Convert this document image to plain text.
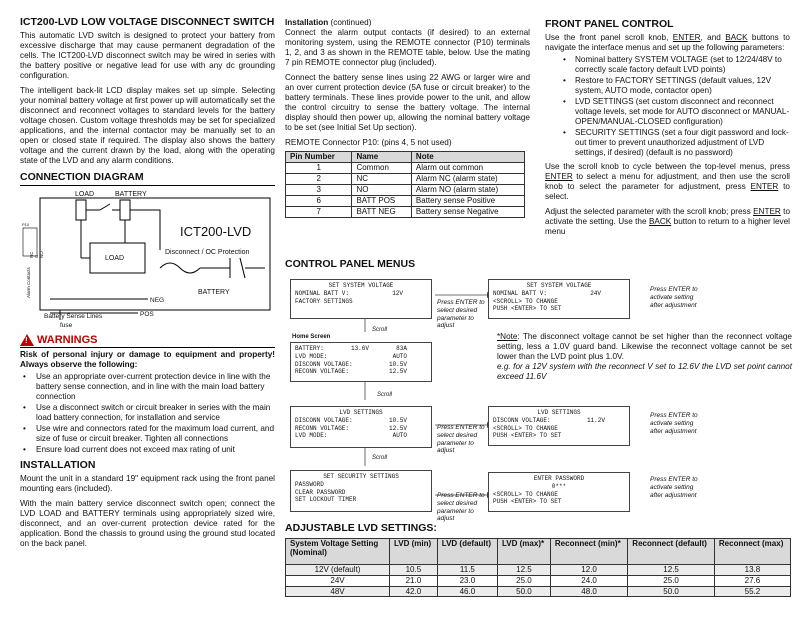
ICT200-LVD LOW VOLTAGE DISCONNECT SWITCH

This automatic LVD switch is designed to protect your battery from excessive discharge that may cause permanent degradation of the cells. The ICT200-LVD disconnect switch may be wired in series with the battery positive or negative lead for use with any dc grounding configuration.

The intelligent back-lit LCD display makes set up simple. Selecting your nominal battery voltage at first power up will automatically set the disconnect and reconnect voltages to standard levels for the battery voltage chosen. Custom voltage thresholds may be set for specialized applications, and the internal contactor may be manually set to an open or closed state if required. The display also shows the battery voltage and the current drawn by the load, along with the operating state of the LVD and any alarm conditions.

CONNECTION DIAGRAM
LOAD	BATTERY
ICT200-LVD
LOAD
P10
Alarm Contacts
NC C NO	Disconnect / OC Protection
BATTERY
Battery Sense Lines
NEG
POS
fuse
! WARNINGS

Risk of personal injury or damage to equipment and property! Always observe the following:

• Use an appropriate over-current protection device in line with the battery sense connection, and in line with the main load battery connection
• Use a disconnect switch or circuit breaker in series with the main load battery connection, for installation and service
• Use wire and connectors rated for the maximum load current, and size of fuse or circuit breaker. Tighten all connections
• Ensure load current does not exceed max rating of unit
INSTALLATION

Mount the unit in a standard 19" equipment rack using the front panel mounting ears (included).

With the main battery service disconnect switch open; connect the LVD LOAD and BATTERY terminals using appropriately sized wire, disconnect, and an over-current protection device rated for the application. Bond the chassis to ground using the ground stud located on the back panel.

Installation (continued)

Connect the alarm output contacts (if desired) to an external monitoring system, using the REMOTE connector (P10) terminals 1, 2, and 3 as shown in the REMOTE table, below. Use the mating 7 pin REMOTE connector plug (included).

Connect the battery sense lines using 22 AWG or larger wire and an over current protection device (5A fuse or circuit breaker) to the battery terminals. These lines provide power to the unit, and allow the control circuitry to sense the battery voltage. The internal display should then power up, allowing the nominal battery voltage to be set (see Initial Set Up section).

REMOTE Connector P10: (pins 4, 5 not used)

Pin Number	Name	Note
1	Common	Alarm out common
2	NC	Alarm NC (alarm state)
3	NO	Alarm NO (alarm state)
6	BATT POS	Battery sense Positive
7	BATT NEG	Battery sense Negative
FRONT PANEL CONTROL

Use the front panel scroll knob, ENTER, and BACK buttons to navigate the interface menus and set up the following parameters:

• Nominal battery SYSTEM VOLTAGE (set to 12/24/48V to correctly scale factory default LVD points)
• Restore to FACTORY SETTINGS (default values, 12V system, AUTO mode, contactor open)
• LVD SETTINGS (set custom disconnect and reconnect voltage levels, set mode for AUTO disconnect or MANUAL-OPEN/MANUAL-CLOSED configuration)
• SECURITY SETTINGS (set a four digit password and lock-out timer to prevent unauthorized adjustment of LVD settings, if desired) (default is no password)

Use the scroll knob to cycle between the top-level menus, press ENTER to select a menu for adjustment, and then use the scroll knob to select the parameter for adjustment, press ENTER to select.

Adjust the selected parameter with the scroll knob; press ENTER to activate the setting. Use the BACK button to return to a higher level menu

CONTROL PANEL MENUS
SET SYSTEM VOLTAGE
NOMINAL BATT V:	12V
FACTORY SETTINGS	Press ENTER to select desired parameter to adjust
SET SYSTEM VOLTAGE
NOMINAL BATT V:	24V
<SCROLL> TO CHANGE
PUSH <ENTER> TO SET
Press ENTER to activate setting after adjustment
Scroll
Home Screen
BATTERY:	13.6V	83A
LVD MODE:	AUTO
DISCONN VOLTAGE:	10.5V
RECONN VOLTAGE:	12.5V
Scroll
LVD SETTINGS
DISCONN VOLTAGE:	10.5V
RECONN VOLTAGE:	12.5V
LVD MODE:	AUTO
Press ENTER to select desired parameter to adjust
LVD SETTINGS
DISCONN VOLTAGE:	11.2V
<SCROLL> TO CHANGE
PUSH <ENTER> TO SET
Press ENTER to activate setting after adjustment
Scroll
SET SECURITY SETTINGS
PASSWORD
CLEAR PASSWORD
SET LOCKOUT TIMER
Press ENTER to select desired parameter to adjust
ENTER PASSWORD
0***
<SCROLL> TO CHANGE
PUSH <ENTER> TO SET
Press ENTER to activate setting after adjustment
*Note: The disconnect voltage cannot be set higher than the reconnect voltage setting, less a 1.0V guard band. Likewise the reconnect voltage cannot be set lower than the LVD point plus 1.0V.
e.g. for a 12V system with the reconnect V set to 12.6V the LVD set point cannot exceed 11.6V
ADJUSTABLE LVD SETTINGS:
System Voltage Setting (Nominal)	LVD (min)	LVD (default)	LVD (max)*	Reconnect (min)*	Reconnect (default)	Reconnect (max)
12V (default)	10.5	11.5	12.5	12.0	12.5	13.8
24V	21.0	23.0	25.0	24.0	25.0	27.6
48V	42.0	46.0	50.0	48.0	50.0	55.2
